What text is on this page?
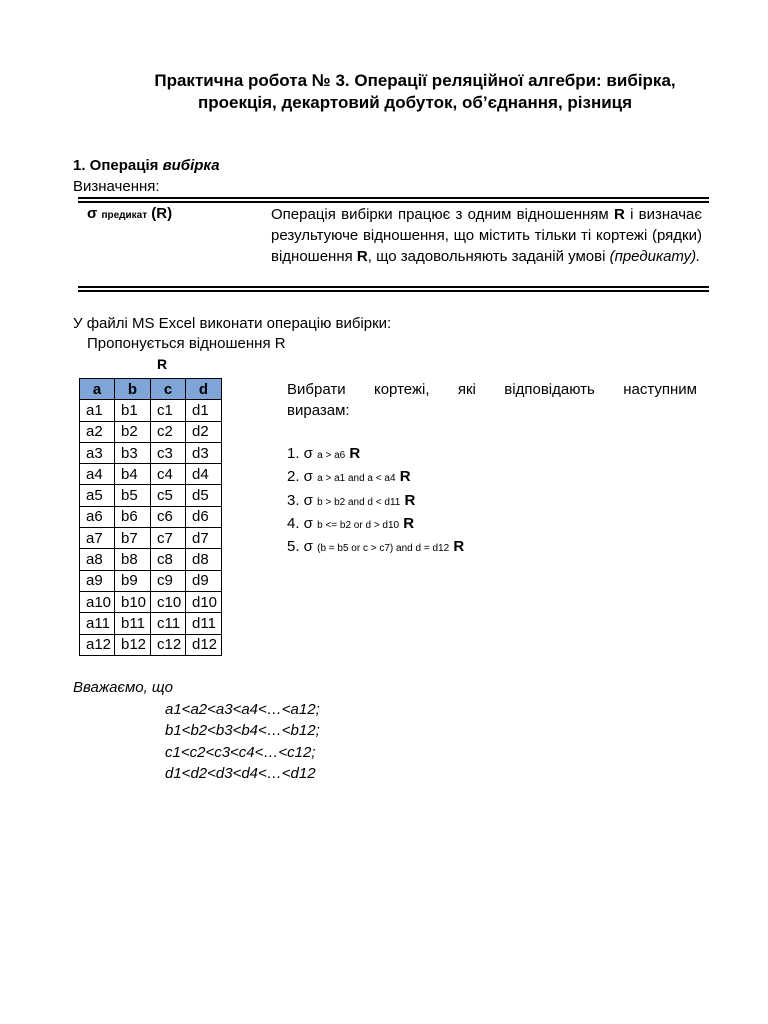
Практична робота № 3. Операції реляційної алгебри: вибірка,
проекція, декартовий добуток, об’єднання, різниця
1. Операція вибірка
Визначення:
σ предикат (R)	Операція вибірки працює з одним відношенням R і визначає результуюче відношення, що містить тільки ті кортежі (рядки) відношення R, що задовольняють заданій умові (предикату).
У файлі MS Excel виконати операцію вибірки:
Пропонується відношення R
R
a	b	c	d
a1	b1	c1	d1
a2	b2	c2	d2
a3	b3	c3	d3
a4	b4	c4	d4
a5	b5	c5	d5
a6	b6	c6	d6
a7	b7	c7	d7
a8	b8	c8	d8
a9	b9	c9	d9
a10	b10	c10	d10
a11	b11	c11	d11
a12	b12	c12	d12
Вибрати кортежі, які відповідають наступним
виразам:
1. σ a > a6 R
2. σ a > a1 and a < a4 R
3. σ b > b2 and d < d11 R
4. σ b <= b2 or d > d10 R
5. σ (b = b5 or c > c7) and d = d12 R
Вважаємо, що
a1<a2<a3<a4<…<a12;
b1<b2<b3<b4<…<b12;
c1<c2<c3<c4<…<c12;
d1<d2<d3<d4<…<d12
